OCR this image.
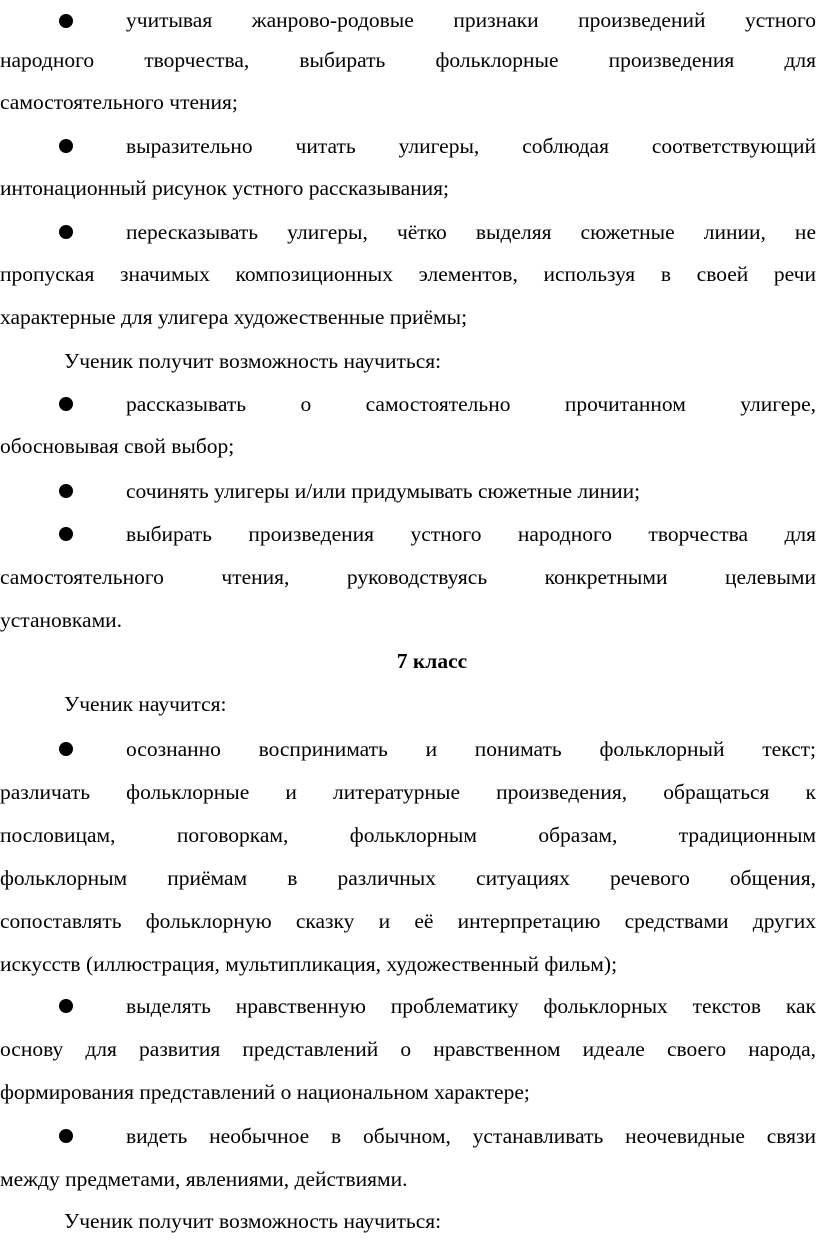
учитывая жанрово-родовые признаки произведений устного
народного творчества, выбирать фольклорные произведения для
самостоятельного чтения;
выразительно читать улигеры, соблюдая соответствующий
интонационный рисунок устного рассказывания;
пересказывать улигеры, чётко выделяя сюжетные линии, не
пропуская значимых композиционных элементов, используя в своей речи
характерные для улигера художественные приёмы;
Ученик получит возможность научиться:
рассказывать о самостоятельно прочитанном улигере,
обосновывая свой выбор;
сочинять улигеры и/или придумывать сюжетные линии;
выбирать произведения устного народного творчества для
самостоятельного чтения, руководствуясь конкретными целевыми
установками.
7 класс
Ученик научится:
осознанно воспринимать и понимать фольклорный текст;
различать фольклорные и литературные произведения, обращаться к
пословицам, поговоркам, фольклорным образам, традиционным
фольклорным приёмам в различных ситуациях речевого общения,
сопоставлять фольклорную сказку и её интерпретацию средствами других
искусств (иллюстрация, мультипликация, художественный фильм);
выделять нравственную проблематику фольклорных текстов как
основу для развития представлений о нравственном идеале своего народа,
формирования представлений о национальном характере;
видеть необычное в обычном, устанавливать неочевидные связи
между предметами, явлениями, действиями.
Ученик получит возможность научиться:
